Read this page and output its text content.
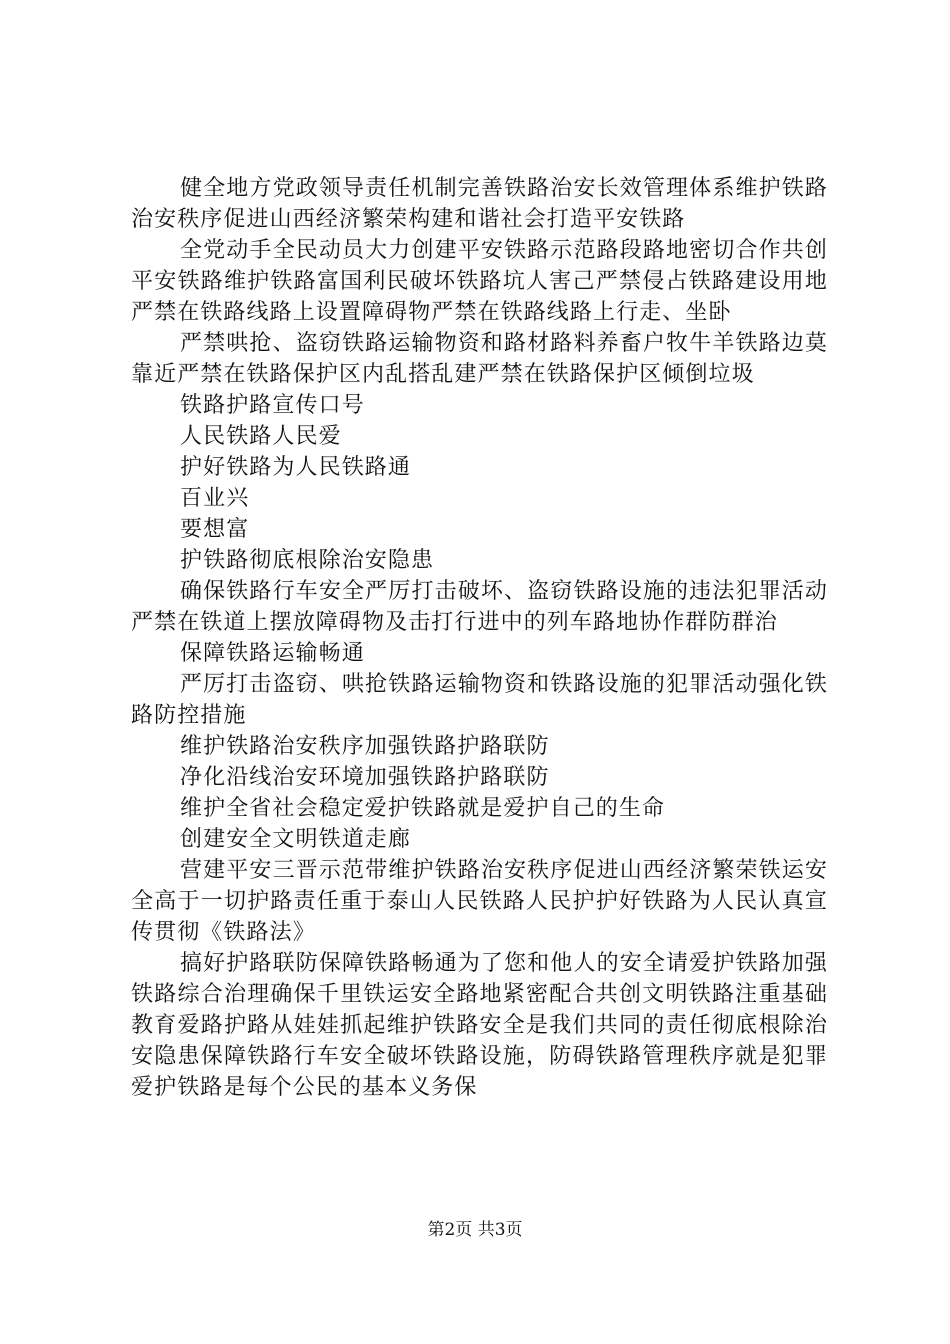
健全地方党政领导责任机制完善铁路治安长效管理体系维护铁路治安秩序促进山西经济繁荣构建和谐社会打造平安铁路

全党动手全民动员大力创建平安铁路示范路段路地密切合作共创平安铁路维护铁路富国利民破坏铁路坑人害己严禁侵占铁路建设用地严禁在铁路线路上设置障碍物严禁在铁路线路上行走、坐卧

严禁哄抢、盗窃铁路运输物资和路材路料养畜户牧牛羊铁路边莫靠近严禁在铁路保护区内乱搭乱建严禁在铁路保护区倾倒垃圾

铁路护路宣传口号

人民铁路人民爱

护好铁路为人民铁路通

百业兴

要想富

护铁路彻底根除治安隐患

确保铁路行车安全严厉打击破坏、盗窃铁路设施的违法犯罪活动严禁在铁道上摆放障碍物及击打行进中的列车路地协作群防群治

保障铁路运输畅通

严厉打击盗窃、哄抢铁路运输物资和铁路设施的犯罪活动强化铁路防控措施

维护铁路治安秩序加强铁路护路联防

净化沿线治安环境加强铁路护路联防

维护全省社会稳定爱护铁路就是爱护自己的生命

创建安全文明铁道走廊

营建平安三晋示范带维护铁路治安秩序促进山西经济繁荣铁运安全高于一切护路责任重于泰山人民铁路人民护护好铁路为人民认真宣传贯彻《铁路法》

搞好护路联防保障铁路畅通为了您和他人的安全请爱护铁路加强铁路综合治理确保千里铁运安全路地紧密配合共创文明铁路注重基础教育爱路护路从娃娃抓起维护铁路安全是我们共同的责任彻底根除治安隐患保障铁路行车安全破坏铁路设施，防碍铁路管理秩序就是犯罪爱护铁路是每个公民的基本义务保

第2页 共3页
